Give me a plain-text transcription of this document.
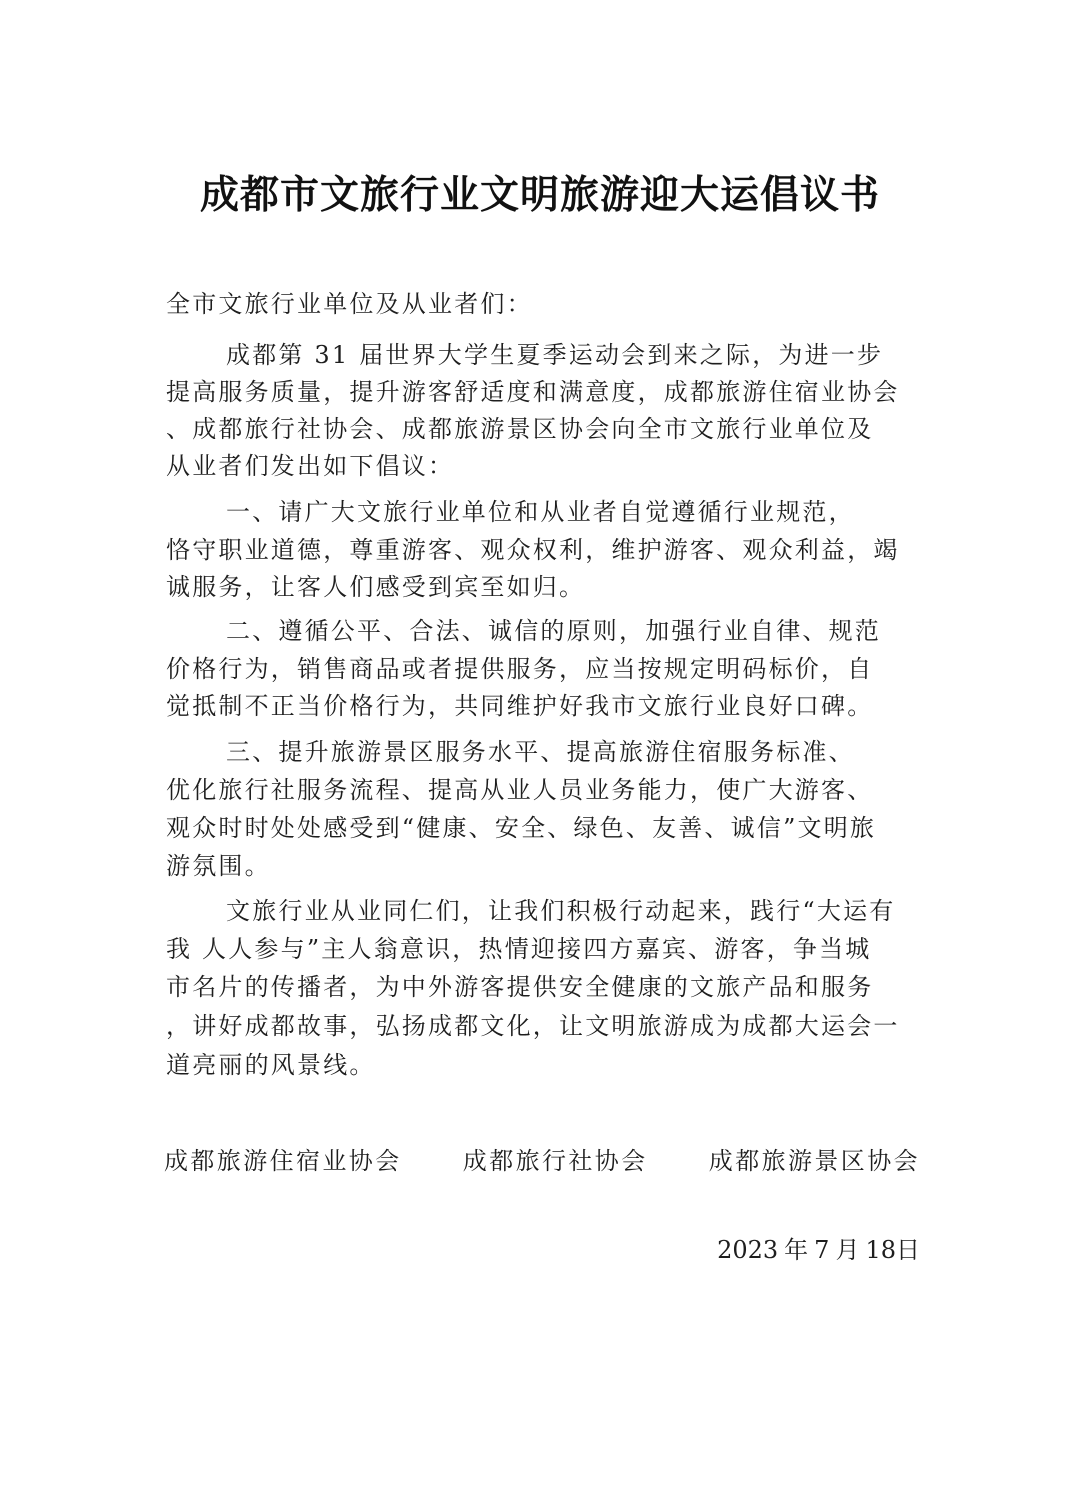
成都市文旅行业文明旅游迎大运倡议书
全市文旅行业单位及从业者们：
成都第 31 届世界大学生夏季运动会到来之际，为进一步
提高服务质量，提升游客舒适度和满意度，成都旅游住宿业协会
、成都旅行社协会、成都旅游景区协会向全市文旅行业单位及
从业者们发出如下倡议：
一、请广大文旅行业单位和从业者自觉遵循行业规范，
恪守职业道德，尊重游客、观众权利，维护游客、观众利益，竭
诚服务，让客人们感受到宾至如归。
二、遵循公平、合法、诚信的原则，加强行业自律、规范
价格行为，销售商品或者提供服务，应当按规定明码标价，自
觉抵制不正当价格行为，共同维护好我市文旅行业良好口碑。
三、提升旅游景区服务水平、提高旅游住宿服务标准、
优化旅行社服务流程、提高从业人员业务能力，使广大游客、
观众时时处处感受到“健康、安全、绿色、友善、诚信”文明旅
游氛围。
文旅行业从业同仁们，让我们积极行动起来，践行“大运有
我 人人参与”主人翁意识，热情迎接四方嘉宾、游客，争当城
市名片的传播者，为中外游客提供安全健康的文旅产品和服务
，讲好成都故事，弘扬成都文化，让文明旅游成为成都大运会一
道亮丽的风景线。
成都旅游住宿业协会	成都旅行社协会	成都旅游景区协会
2023 年 7 月 18日
